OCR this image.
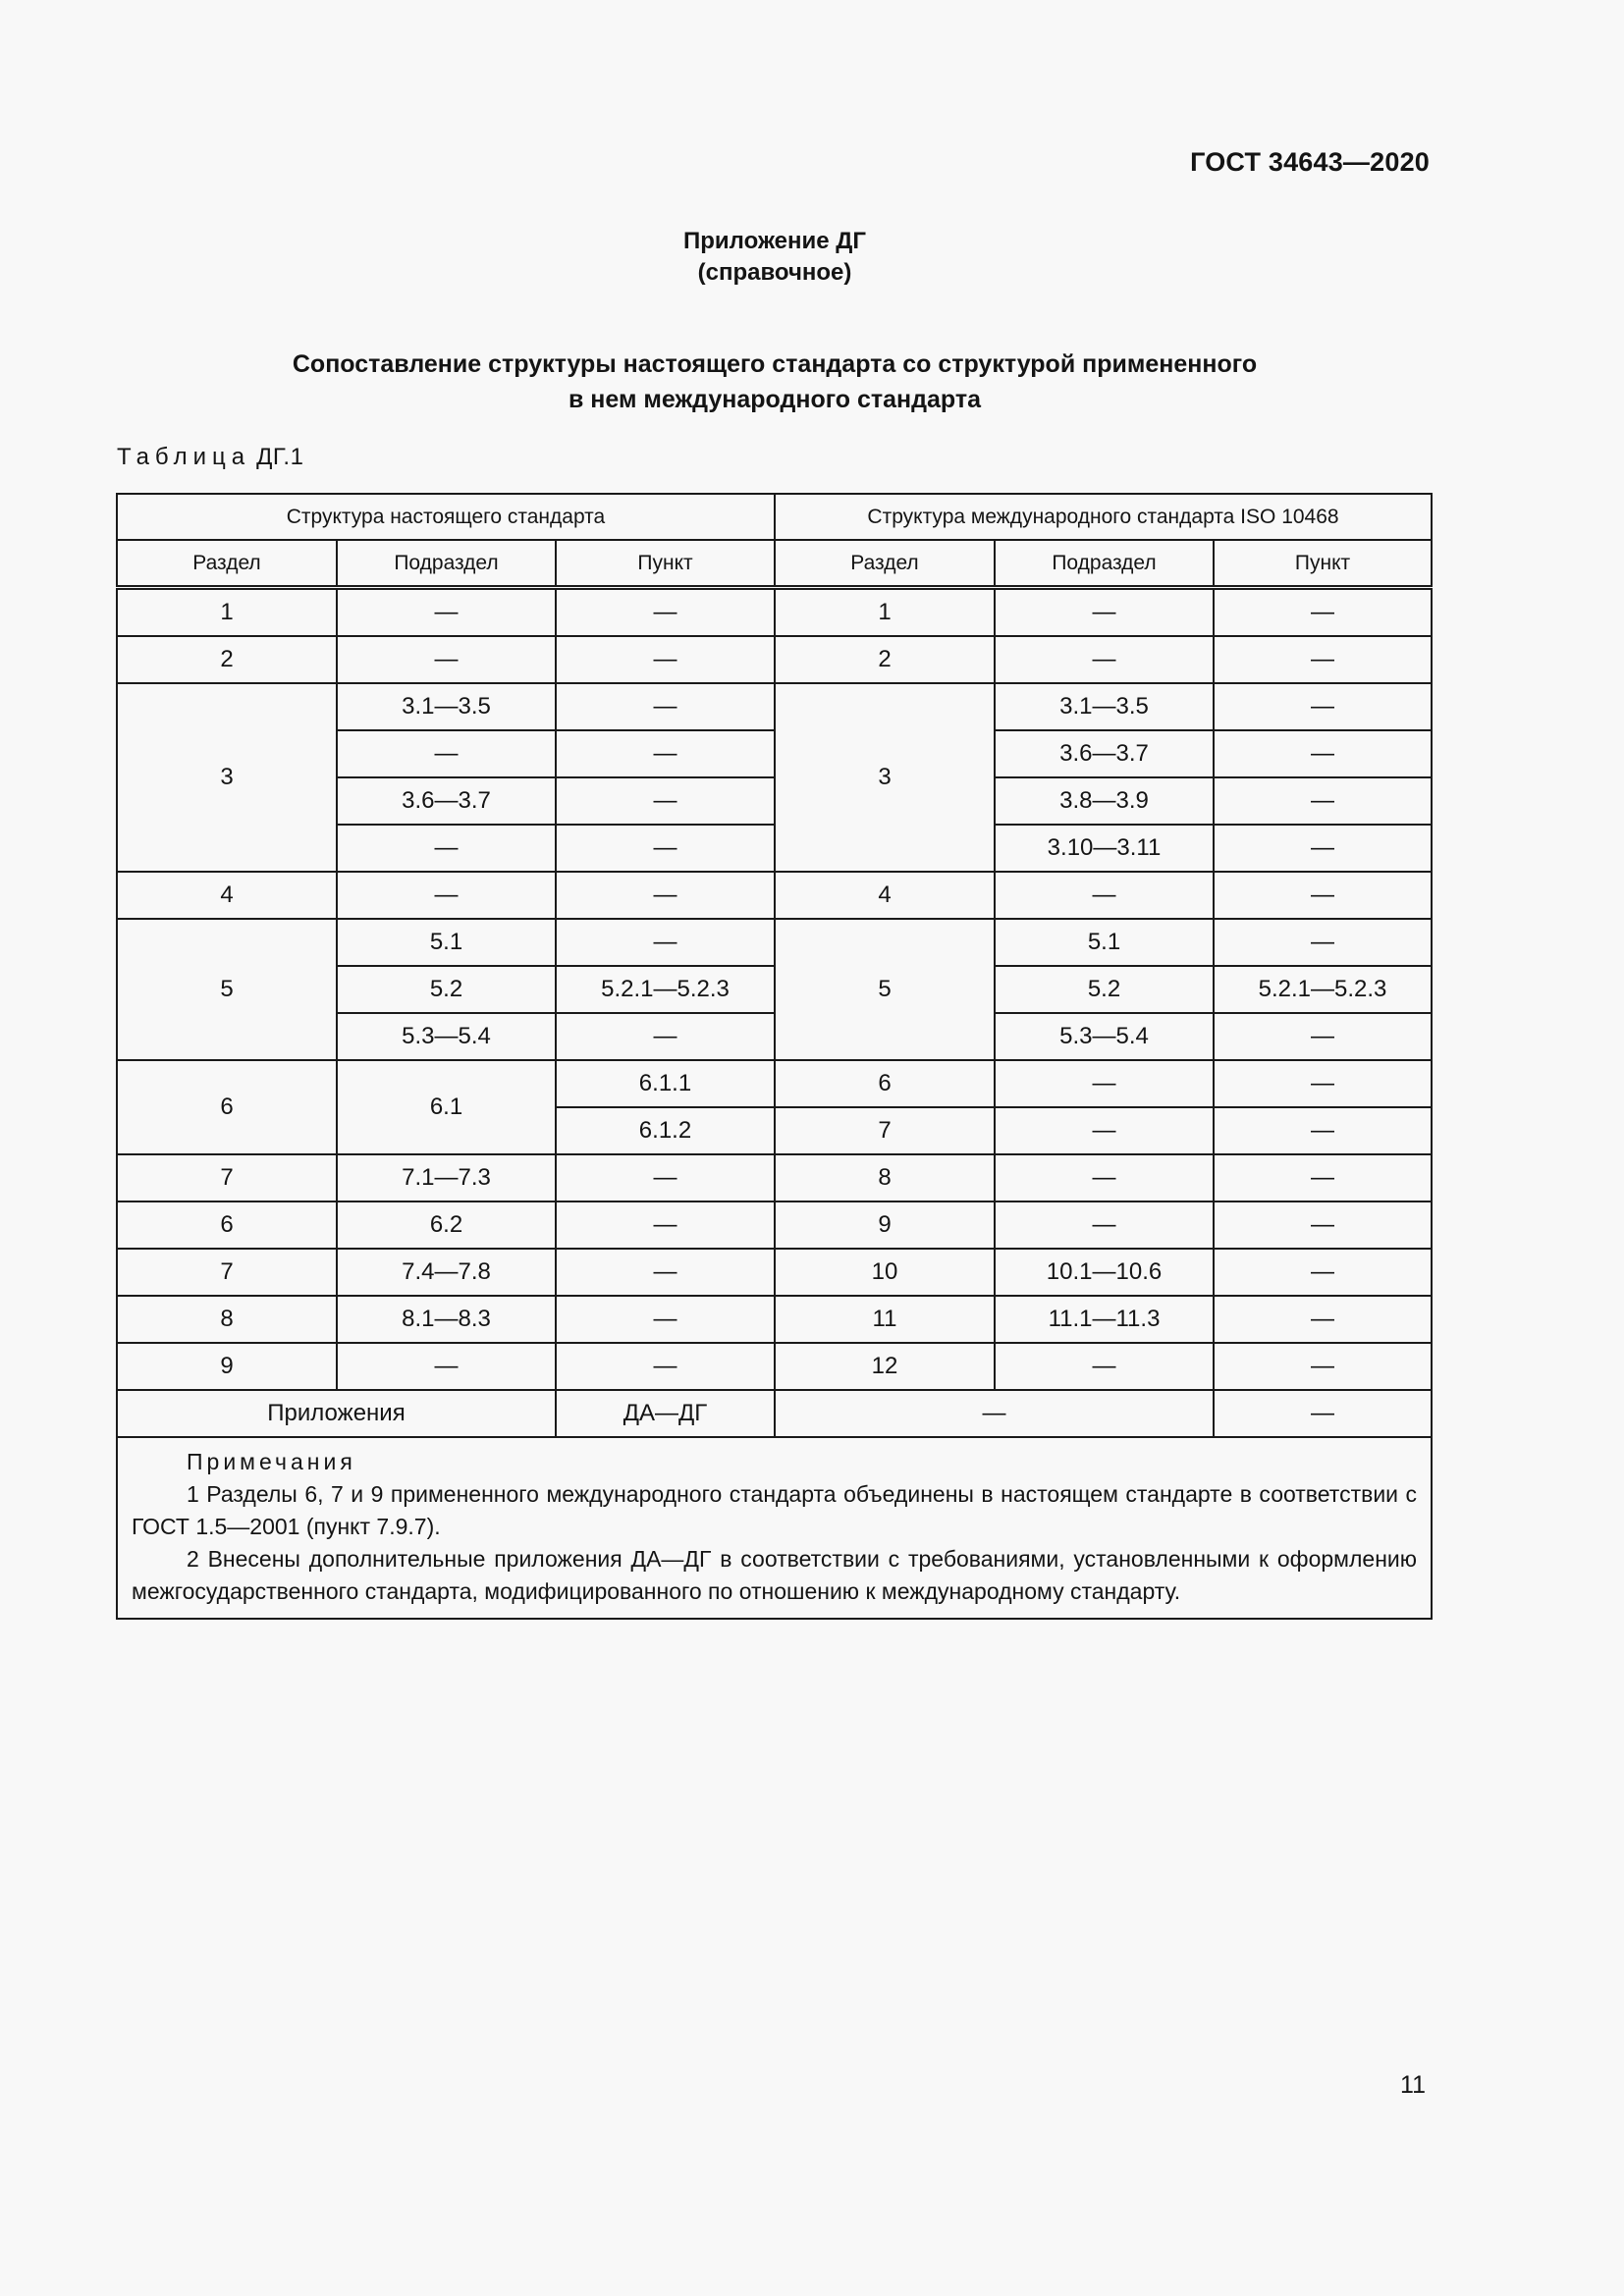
ГОСТ 34643—2020
Приложение ДГ
(справочное)
Сопоставление структуры настоящего стандарта со структурой примененного
в нем международного стандарта
Таблица ДГ.1
Структура настоящего стандарта			Структура международного стандарта ISO 10468		
Раздел	Подраздел	Пункт	Раздел	Подраздел	Пункт
1	—	—	1	—	—
2	—	—	2	—	—
3	3.1—3.5	—	3	3.1—3.5	—
	—	—		3.6—3.7	—
	3.6—3.7	—		3.8—3.9	—
	—	—		3.10—3.11	—
4	—	—	4	—	—
5	5.1	—	5	5.1	—
	5.2	5.2.1—5.2.3		5.2	5.2.1—5.2.3
	5.3—5.4	—		5.3—5.4	—
6	6.1	6.1.1	6	—	—
		6.1.2	7	—	—
7	7.1—7.3	—	8	—	—
6	6.2	—	9	—	—
7	7.4—7.8	—	10	10.1—10.6	—
8	8.1—8.3	—	11	11.1—11.3	—
9	—	—	12	—	—
Приложения		ДА—ДГ	—		—

Примечания
1 Разделы 6, 7 и 9 примененного международного стандарта объединены в настоящем стандарте в соответствии с ГОСТ 1.5—2001 (пункт 7.9.7).
2 Внесены дополнительные приложения ДА—ДГ в соответствии с требованиями, установленными к оформлению межгосударственного стандарта, модифицированного по отношению к международному стандарту.					
11
